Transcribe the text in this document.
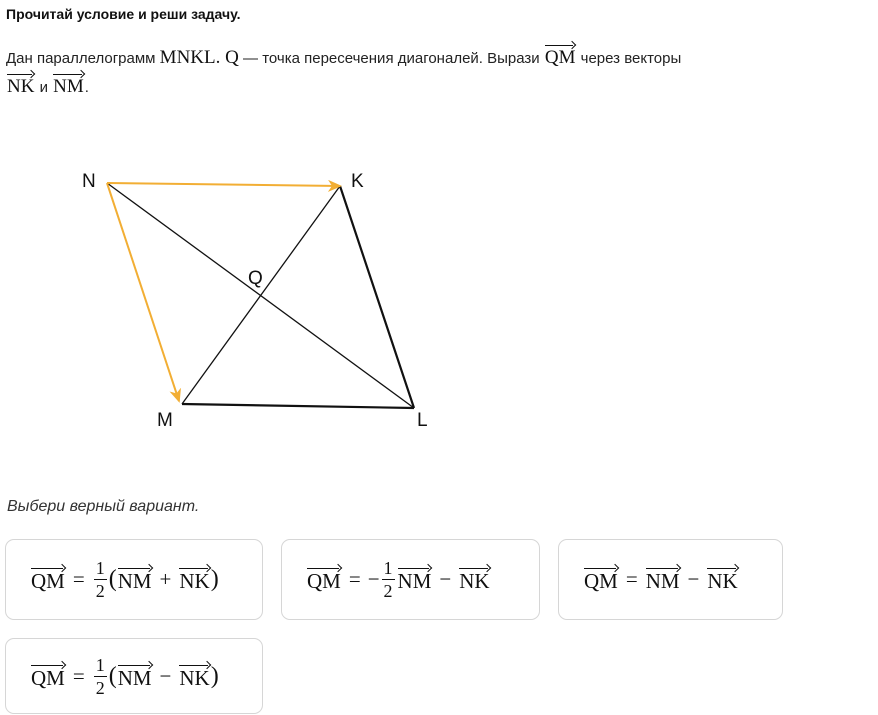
Прочитай условие и реши задачу.
Дан параллелограмм MNKL. Q — точка пересечения диагоналей. Вырази QM через векторы
NK и NM.
N	K
M	L
Q
Выбери верный вариант.
QM = $\frac{1}{2}$ ( NM + NK )	QM = − $\frac{1}{2}$ NM − NK	QM = NM − NK
QM = $\frac{1}{2}$ ( NM − NK )
